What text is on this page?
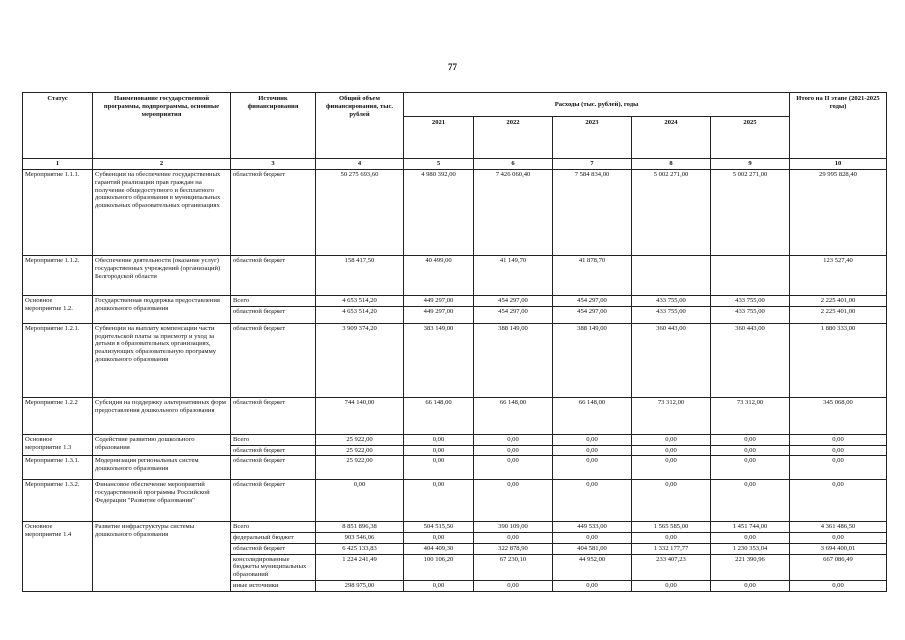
77
Статус	Наименование государственной программы, подпрограммы, основные мероприятия	Источник финансирования	Общий объем финансирования, тыс. рублей	Расходы (тыс. рублей), годы					Итого на II этапе (2021-2025 годы)
				2021	2022	2023	2024	2025	
1	2	3	4	5	6	7	8	9	10
Мероприятие 1.1.1.	Субвенции на обеспечение государственных гарантий реализации прав граждан на получение общедоступного и бесплатного дошкольного образования в муниципальных дошкольных образовательных организациях	областной бюджет	50 275 693,60	4 980 392,00	7 426 060,40	7 584 834,00	5 002 271,00	5 002 271,00	29 995 828,40
Мероприятие 1.1.2.	Обеспечение деятельности (оказание услуг) государственных учреждений (организаций) Белгородской области	областной бюджет	158 417,50	40 499,00	41 149,70	41 878,70			123 527,40
Основное мероприятие 1.2.	Государственная поддержка предоставления дошкольного образования	Всего	4 653 514,20	449 297,00	454 297,00	454 297,00	433 755,00	433 755,00	2 225 401,00
		областной бюджет	4 653 514,20	449 297,00	454 297,00	454 297,00	433 755,00	433 755,00	2 225 401,00
Мероприятие 1.2.1.	Субвенции на выплату компенсации части родительской платы за присмотр и уход за детьми в образовательных организациях, реализующих образовательную программу дошкольного образования	областной бюджет	3 909 374,20	383 149,00	388 149,00	388 149,00	360 443,00	360 443,00	1 880 333,00
Мероприятие 1.2.2	Субсидия на поддержку альтернативных форм предоставления дошкольного образования	областной бюджет	744 140,00	66 148,00	66 148,00	66 148,00	73 312,00	73 312,00	345 068,00
Основное мероприятие 1.3	Содействие развитию дошкольного образования	Всего	25 922,00	0,00	0,00	0,00	0,00	0,00	0,00
		областной бюджет	25 922,00	0,00	0,00	0,00	0,00	0,00	0,00
Мероприятие 1.3.1.	Модернизация региональных систем дошкольного образования	областной бюджет	25 922,00	0,00	0,00	0,00	0,00	0,00	0,00
Мероприятие 1.3.2.	Финансовое обеспечение мероприятий государственной программы Российской Федерации "Развитие образования"	областной бюджет	0,00	0,00	0,00	0,00	0,00	0,00	0,00
Основное мероприятие 1.4	Развитие инфраструктуры системы дошкольного образования	Всего	8 851 896,38	504 515,50	390 109,00	449 533,00	1 565 585,00	1 451 744,00	4 361 486,50
		федеральный бюджет	903 546,06	0,00	0,00	0,00	0,00	0,00	0,00
		областной бюджет	6 425 133,83	404 409,30	322 878,90	404 581,00	1 332 177,77	1 230 353,04	3 694 400,01
		консолидированные бюджеты муниципальных образований	1 224 241,49	100 106,20	67 230,10	44 952,00	233 407,23	221 390,96	667 086,49
		иные источники	298 975,00	0,00	0,00	0,00	0,00	0,00	0,00
